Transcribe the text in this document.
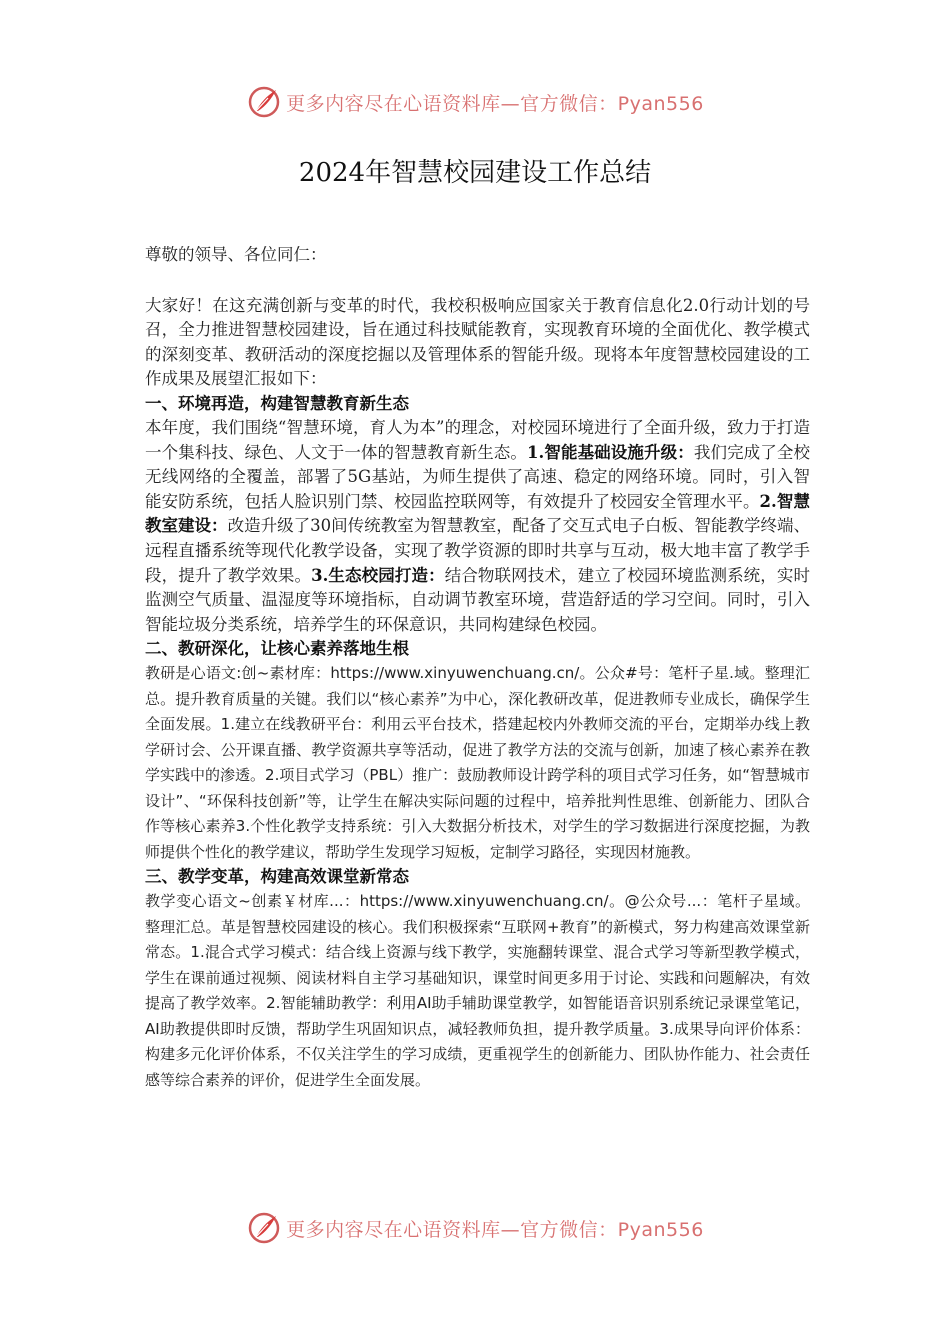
更多内容尽在心语资料库—官方微信：Pyan556
2024年智慧校园建设工作总结

尊敬的领导、各位同仁：

大家好！在这充满创新与变革的时代，我校积极响应国家关于教育信息化2.0行动计划的号召，全力推进智慧校园建设，旨在通过科技赋能教育，实现教育环境的全面优化、教学模式的深刻变革、教研活动的深度挖掘以及管理体系的智能升级。现将本年度智慧校园建设的工作成果及展望汇报如下：

一、环境再造，构建智慧教育新生态

本年度，我们围绕“智慧环境，育人为本”的理念，对校园环境进行了全面升级，致力于打造一个集科技、绿色、人文于一体的智慧教育新生态。1.智能基础设施升级：我们完成了全校无线网络的全覆盖，部署了5G基站，为师生提供了高速、稳定的网络环境。同时，引入智能安防系统，包括人脸识别门禁、校园监控联网等，有效提升了校园安全管理水平。2.智慧教室建设：改造升级了30间传统教室为智慧教室，配备了交互式电子白板、智能教学终端、远程直播系统等现代化教学设备，实现了教学资源的即时共享与互动，极大地丰富了教学手段，提升了教学效果。3.生态校园打造：结合物联网技术，建立了校园环境监测系统，实时监测空气质量、温湿度等环境指标，自动调节教室环境，营造舒适的学习空间。同时，引入智能垃圾分类系统，培养学生的环保意识，共同构建绿色校园。

二、教研深化，让核心素养落地生根

教研是心语文:创~素材库：https://www.xinyuwenchuang.cn/。公众#号：笔杆子星.域。整理汇总。提升教育质量的关键。我们以“核心素养”为中心，深化教研改革，促进教师专业成长，确保学生全面发展。1.建立在线教研平台：利用云平台技术，搭建起校内外教师交流的平台，定期举办线上教学研讨会、公开课直播、教学资源共享等活动，促进了教学方法的交流与创新，加速了核心素养在教学实践中的渗透。2.项目式学习（PBL）推广：鼓励教师设计跨学科的项目式学习任务，如“智慧城市设计”、“环保科技创新”等，让学生在解决实际问题的过程中，培养批判性思维、创新能力、团队合作等核心素养3.个性化教学支持系统：引入大数据分析技术，对学生的学习数据进行深度挖掘，为教师提供个性化的教学建议，帮助学生发现学习短板，定制学习路径，实现因材施教。

三、教学变革，构建高效课堂新常态

教学变心语文~创素￥材库...：https://www.xinyuwenchuang.cn/。@公众号...：笔杆子星域。整理汇总。革是智慧校园建设的核心。我们积极探索“互联网+教育”的新模式，努力构建高效课堂新常态。1.混合式学习模式：结合线上资源与线下教学，实施翻转课堂、混合式学习等新型教学模式，学生在课前通过视频、阅读材料自主学习基础知识，课堂时间更多用于讨论、实践和问题解决，有效提高了教学效率。2.智能辅助教学：利用AI助手辅助课堂教学，如智能语音识别系统记录课堂笔记，AI助教提供即时反馈，帮助学生巩固知识点，减轻教师负担，提升教学质量。3.成果导向评价体系：构建多元化评价体系，不仅关注学生的学习成绩，更重视学生的创新能力、团队协作能力、社会责任感等综合素养的评价，促进学生全面发展。

更多内容尽在心语资料库—官方微信：Pyan556
